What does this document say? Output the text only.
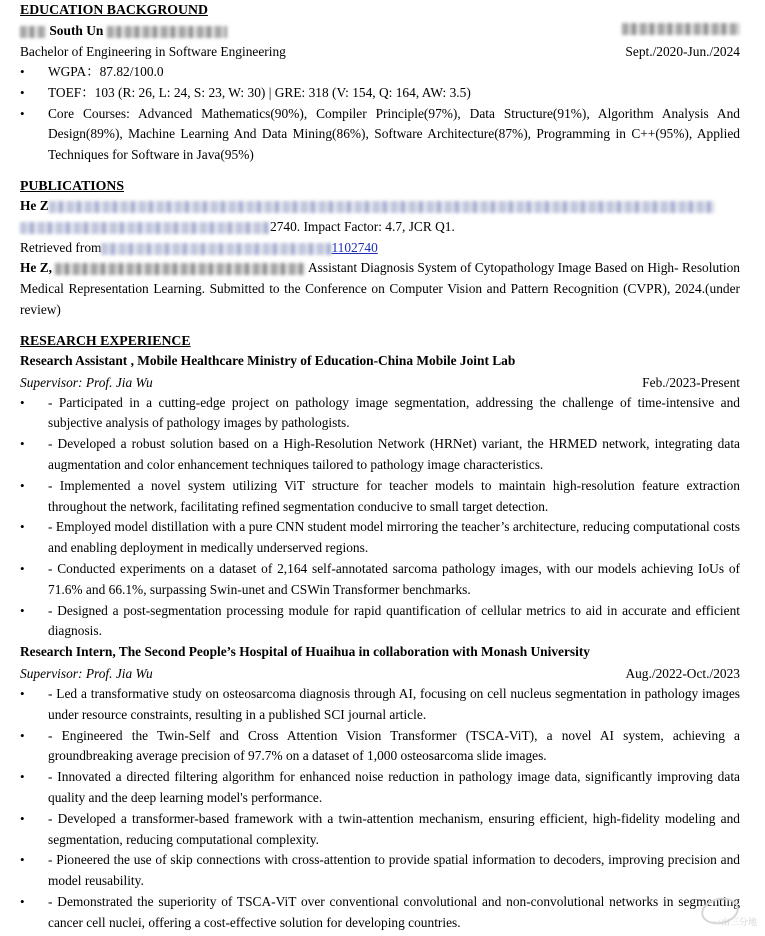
EDUCATION BACKGROUND
South Un
Bachelor of Engineering in Software Engineering	Sept./2020-Jun./2024
• WGPA：87.82/100.0
• TOEF：103 (R: 26, L: 24, S: 23, W: 30) | GRE: 318 (V: 154, Q: 164, AW: 3.5)
• Core Courses: Advanced Mathematics(90%), Compiler Principle(97%), Data Structure(91%), Algorithm Analysis And Design(89%), Machine Learning And Data Mining(86%), Software Architecture(87%), Programming in C++(95%), Applied Techniques for Software in Java(95%)
PUBLICATIONS
He Z
2740. Impact Factor: 4.7, JCR Q1.
Retrieved from	1102740
He Z,	Assistant Diagnosis System of Cytopathology Image Based on High- Resolution Medical Representation Learning. Submitted to the Conference on Computer Vision and Pattern Recognition (CVPR), 2024.(under review)
RESEARCH EXPERIENCE
Research Assistant , Mobile Healthcare Ministry of Education-China Mobile Joint Lab
Supervisor: Prof. Jia Wu	Feb./2023-Present
• - Participated in a cutting-edge project on pathology image segmentation, addressing the challenge of time-intensive and subjective analysis of pathology images by pathologists.
• - Developed a robust solution based on a High-Resolution Network (HRNet) variant, the HRMED network, integrating data augmentation and color enhancement techniques tailored to pathology image characteristics.
• - Implemented a novel system utilizing ViT structure for teacher models to maintain high-resolution feature extraction throughout the network, facilitating refined segmentation conducive to small target detection.
• - Employed model distillation with a pure CNN student model mirroring the teacher’s architecture, reducing computational costs and enabling deployment in medically underserved regions.
• - Conducted experiments on a dataset of 2,164 self-annotated sarcoma pathology images, with our models achieving IoUs of 71.6% and 66.1%, surpassing Swin-unet and CSWin Transformer benchmarks.
• - Designed a post-segmentation processing module for rapid quantification of cellular metrics to aid in accurate and efficient diagnosis.
Research Intern, The Second People’s Hospital of Huaihua in collaboration with Monash University
Supervisor: Prof. Jia Wu	Aug./2022-Oct./2023
• - Led a transformative study on osteosarcoma diagnosis through AI, focusing on cell nucleus segmentation in pathology images under resource constraints, resulting in a published SCI journal article.
• - Engineered the Twin-Self and Cross Attention Vision Transformer (TSCA-ViT), a novel AI system, achieving a groundbreaking average precision of 97.7% on a dataset of 1,000 osteosarcoma slide images.
• - Innovated a directed filtering algorithm for enhanced noise reduction in pathology image data, significantly improving data quality and the deep learning model's performance.
• - Developed a transformer-based framework with a twin-attention mechanism, ensuring efficient, high-fidelity modeling and segmentation, reducing computational complexity.
• - Pioneered the use of skip connections with cross-attention to provide spatial information to decoders, improving precision and model reusability.
• - Demonstrated the superiority of TSCA-ViT over conventional convolutional and non-convolutional networks in segmenting cancer cell nuclei, offering a cost-effective solution for developing countries.	一亩三分地
